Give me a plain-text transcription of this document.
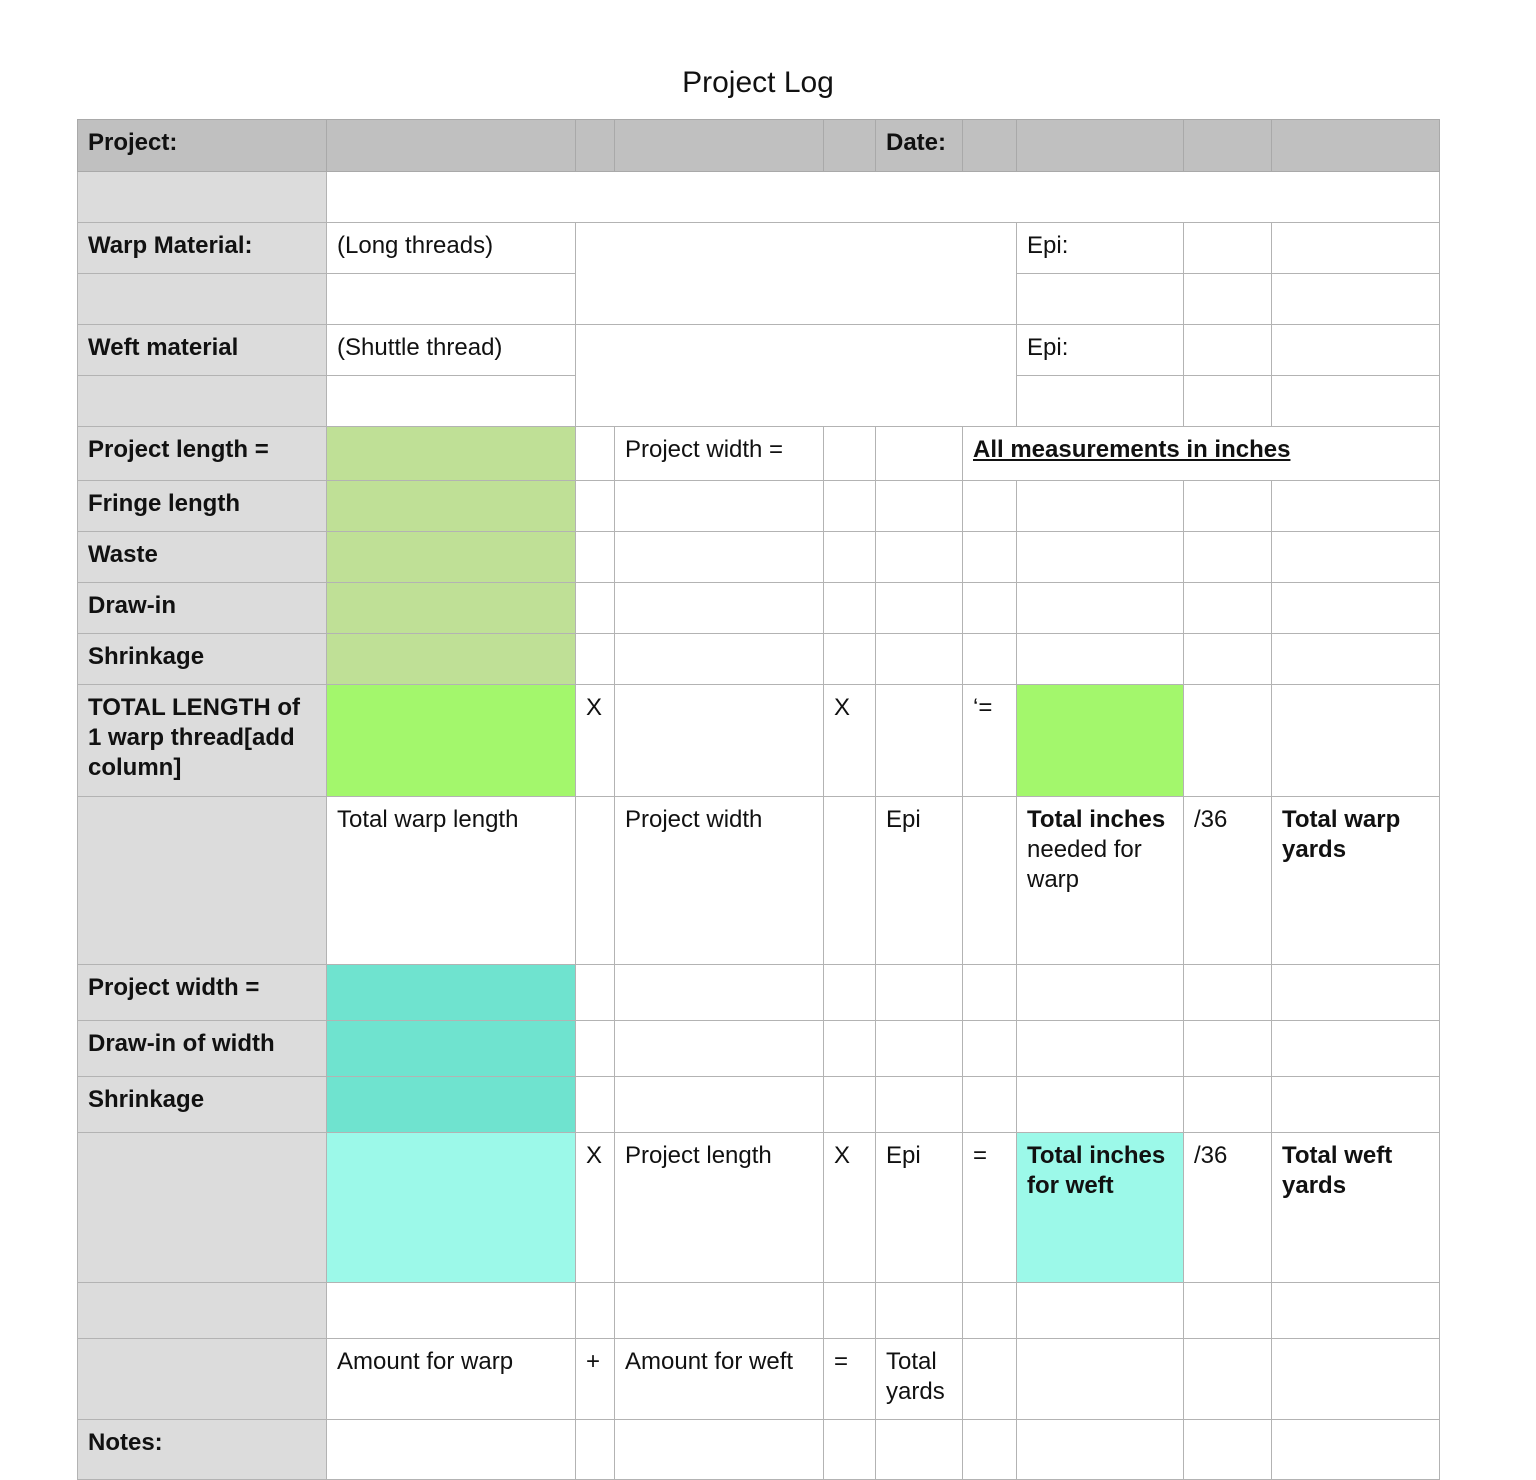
Project Log
Project:					Date:				

Warp Material:	(Long threads)						Epi:		

Weft material	(Shuttle thread)						Epi:		

Project length =			Project width =			All measurements in inches			
Fringe length									
Waste									
Draw-in									
Shrinkage									
TOTAL LENGTH of 1 warp thread[add column]		X		X		‘=			
	Total warp length		Project width		Epi		Total inches needed for warp	/36	Total warp yards
Project width =									
Draw-in of width									
Shrinkage									
		X	Project length	X	Epi	=	Total inches for weft	/36	Total weft yards

	Amount for warp	+	Amount for weft	=	Total yards				
Notes:									
